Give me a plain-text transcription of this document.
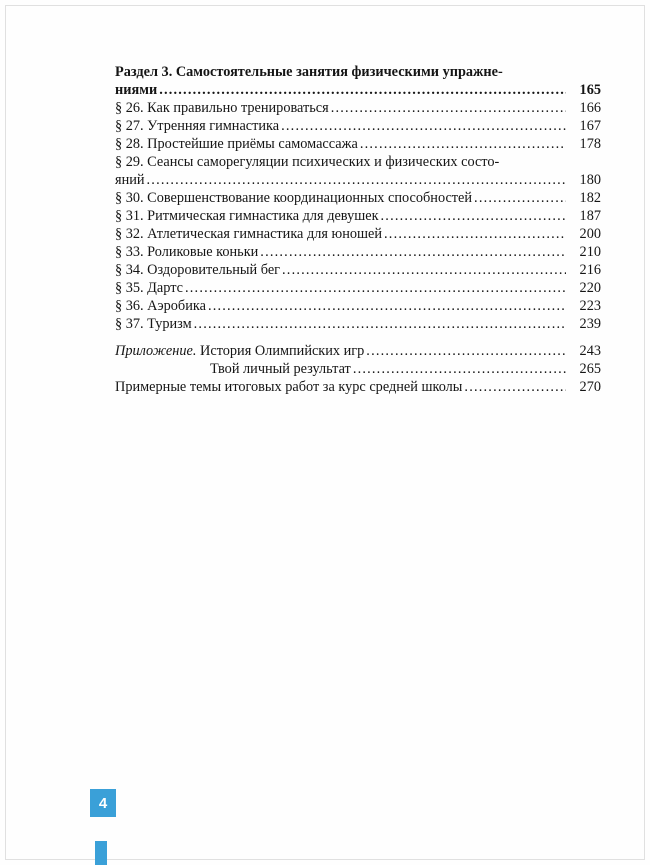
Раздел 3. Самостоятельные занятия физическими упражне-
ниями .....	165
§ 26. Как правильно тренироваться .....	166
§ 27. Утренняя гимнастика .....	167
§ 28. Простейшие приёмы самомассажа .....	178
§ 29. Сеансы саморегуляции психических и физических состо-
яний .....	180
§ 30. Совершенствование координационных способностей .....	182
§ 31. Ритмическая гимнастика для девушек .....	187
§ 32. Атлетическая гимнастика для юношей .....	200
§ 33. Роликовые коньки .....	210
§ 34. Оздоровительный бег .....	216
§ 35. Дартс .....	220
§ 36. Аэробика .....	223
§ 37. Туризм .....	239
Приложение. История Олимпийских игр .....	243
Твой личный результат .....	265
Примерные темы итоговых работ за курс средней школы .....	270
4
